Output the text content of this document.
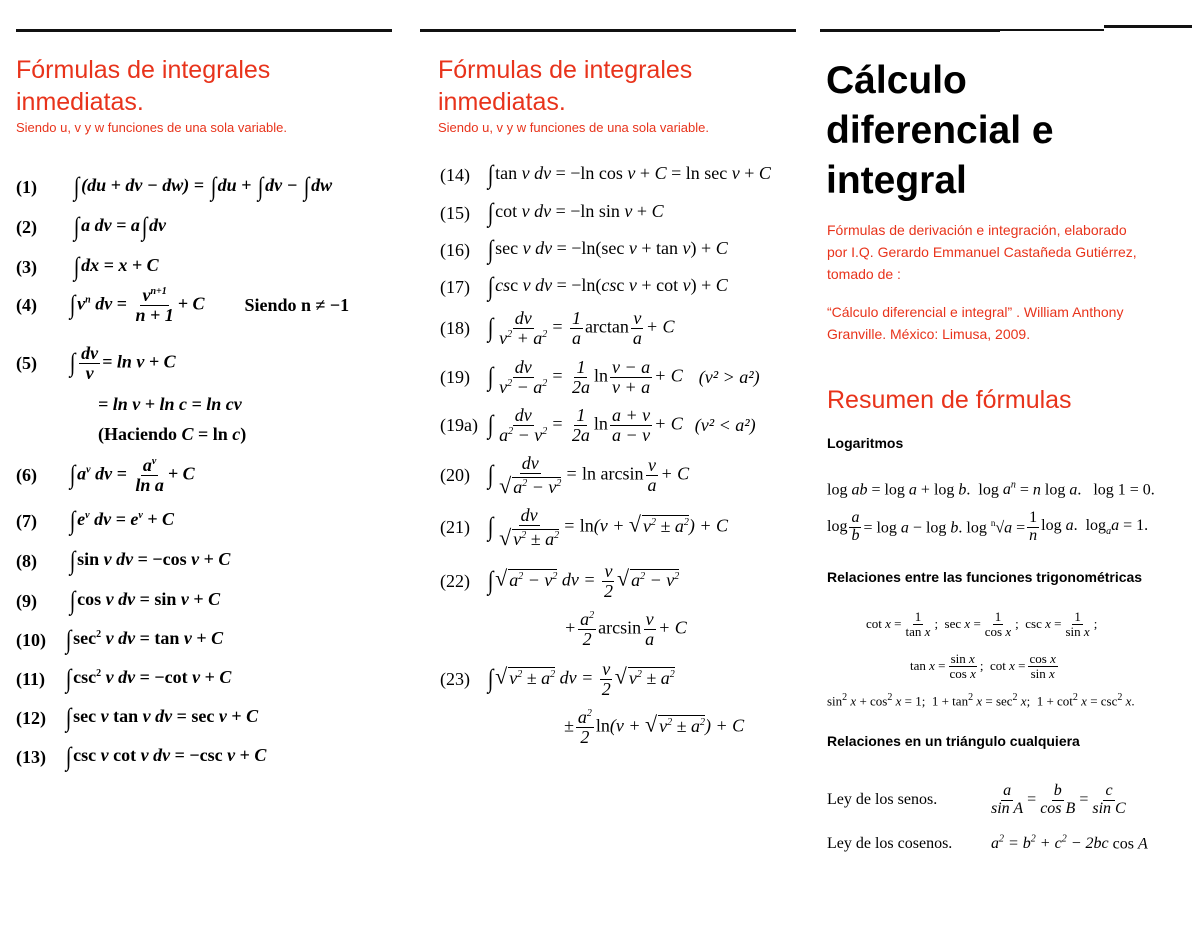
Fórmulas de integrales
inmediatas.
Siendo u, v y w funciones de una sola variable.
(1)	∫(du + dv − dw) = ∫du + ∫dv − ∫dw
(2)	∫a dv = a∫dv
(3)	∫dx = x + C
(4)	$\int v^n$ dv = $\frac{v^{n+1}}{n + 1} + C$ Siendo n ≠ −1
(5)	∫ $\frac{dv}{v} = \ln v + C$
= ln v + ln c = ln cv
(Haciendo C = ln c)
(6)	$\int a^v$ dv = $\frac{a^v}{\text{ln a}} + C$
(7)	$\int e^v$ dv = $e^v + C$
(8)	∫sin v dv = −cos v + C
(9)	∫cos v dv = sin v + C
(10) $\int\sec^2$ v dv = tan v + C
(11) $\int\csc^2$ v dv = −cot v + C
(12) ∫sec v tan v dv = sec v + C
(13) ∫csc v cot v dv = −csc v + C
Fórmulas de integrales
inmediatas.
Siendo u, v y w funciones de una sola variable.
(14) ∫tan v dv = −ln cos v + C = ln sec v + C
(15) ∫cot v dv = −ln sin v + C
(16) ∫sec v dv = −ln(sec v + tan v) + C
(17) ∫csc v dv = −ln(csc v + cot v) + C
(18) ∫ $\frac{dv}{v^2 + a^2} = \frac{1}{a}$ $\arctan \frac{v}{a} + C$
(19) ∫ $\frac{dv}{v^2 - a^2} = \frac{1}{2a}$ $\ln \frac{v - a}{v + a} + C$ (v² > a²)
(19a) ∫ $\frac{dv}{a^2 - v^2} = \frac{1}{2a}$ $\ln \frac{a + v}{a - v} + C$ (v² < a²)
(20) ∫ $\frac{dv}{√ a^2 - v^2} = \ln \arcsin \frac{v}{a} + C$
(21) ∫ $\frac{dv}{√ v^2 \pm a^2} = \ln(v$ + √ $v^2 \pm a^2) + C$
(22) ∫√ $a^2 - v^2$ dv = $\frac{v}{2}$ √ $a^2 - v^2$
+ $\frac{a^2}{2}$ $\arcsin \frac{v}{a} + C$
(23) ∫√ $v^2 \pm a^2$ dv = $\frac{v}{2}$ √ $v^2 \pm a^2$
± $\frac{a^2}{2} \ln(v$ + √ $v^2 \pm a^2) + C$
Cálculo
diferencial e
integral
Fórmulas de derivación e integración, elaborado
por I.Q. Gerardo Emmanuel Castañeda Gutiérrez,
tomado de :
“Cálculo diferencial e integral” . William Anthony
Granville. México: Limusa, 2009.
Resumen de fórmulas
Logaritmos
log ab = log a + log b.  $\log a^n = n$ log a.   log 1 = 0.
$\log \frac{a}{b} = \log a - \log b$. $\log ^n√a = \frac{1}{n}$ log a.  $\log_aa = 1$.
Relaciones entre las funciones trigonométricas
$\cot x = \frac{1}{\text{tan x}}$ ;  $\sec x = \frac{1}{\text{cos x}}$ ;  $\csc x = \frac{1}{\text{sin x}}$ ;
$\tan x = \frac{\text{sin x}}{\text{cos x}}$ ;  $\cot x = \frac{\text{cos x}}{\text{sin x}}$
$\sin^2 x + \cos^2 x = 1$;  $1 + \tan^2 x = \sec^2 x$;  $1 + \cot^2 x = \csc^2 x$.
Relaciones en un triángulo cualquiera
Ley de los senos.	$\frac{a}{\text{sin A}} = \frac{b}{\text{cos B}} = \frac{c}{\text{sin C}}$
Ley de los cosenos. $a^2 = b^2 + c^2 - 2bc$ cos A
